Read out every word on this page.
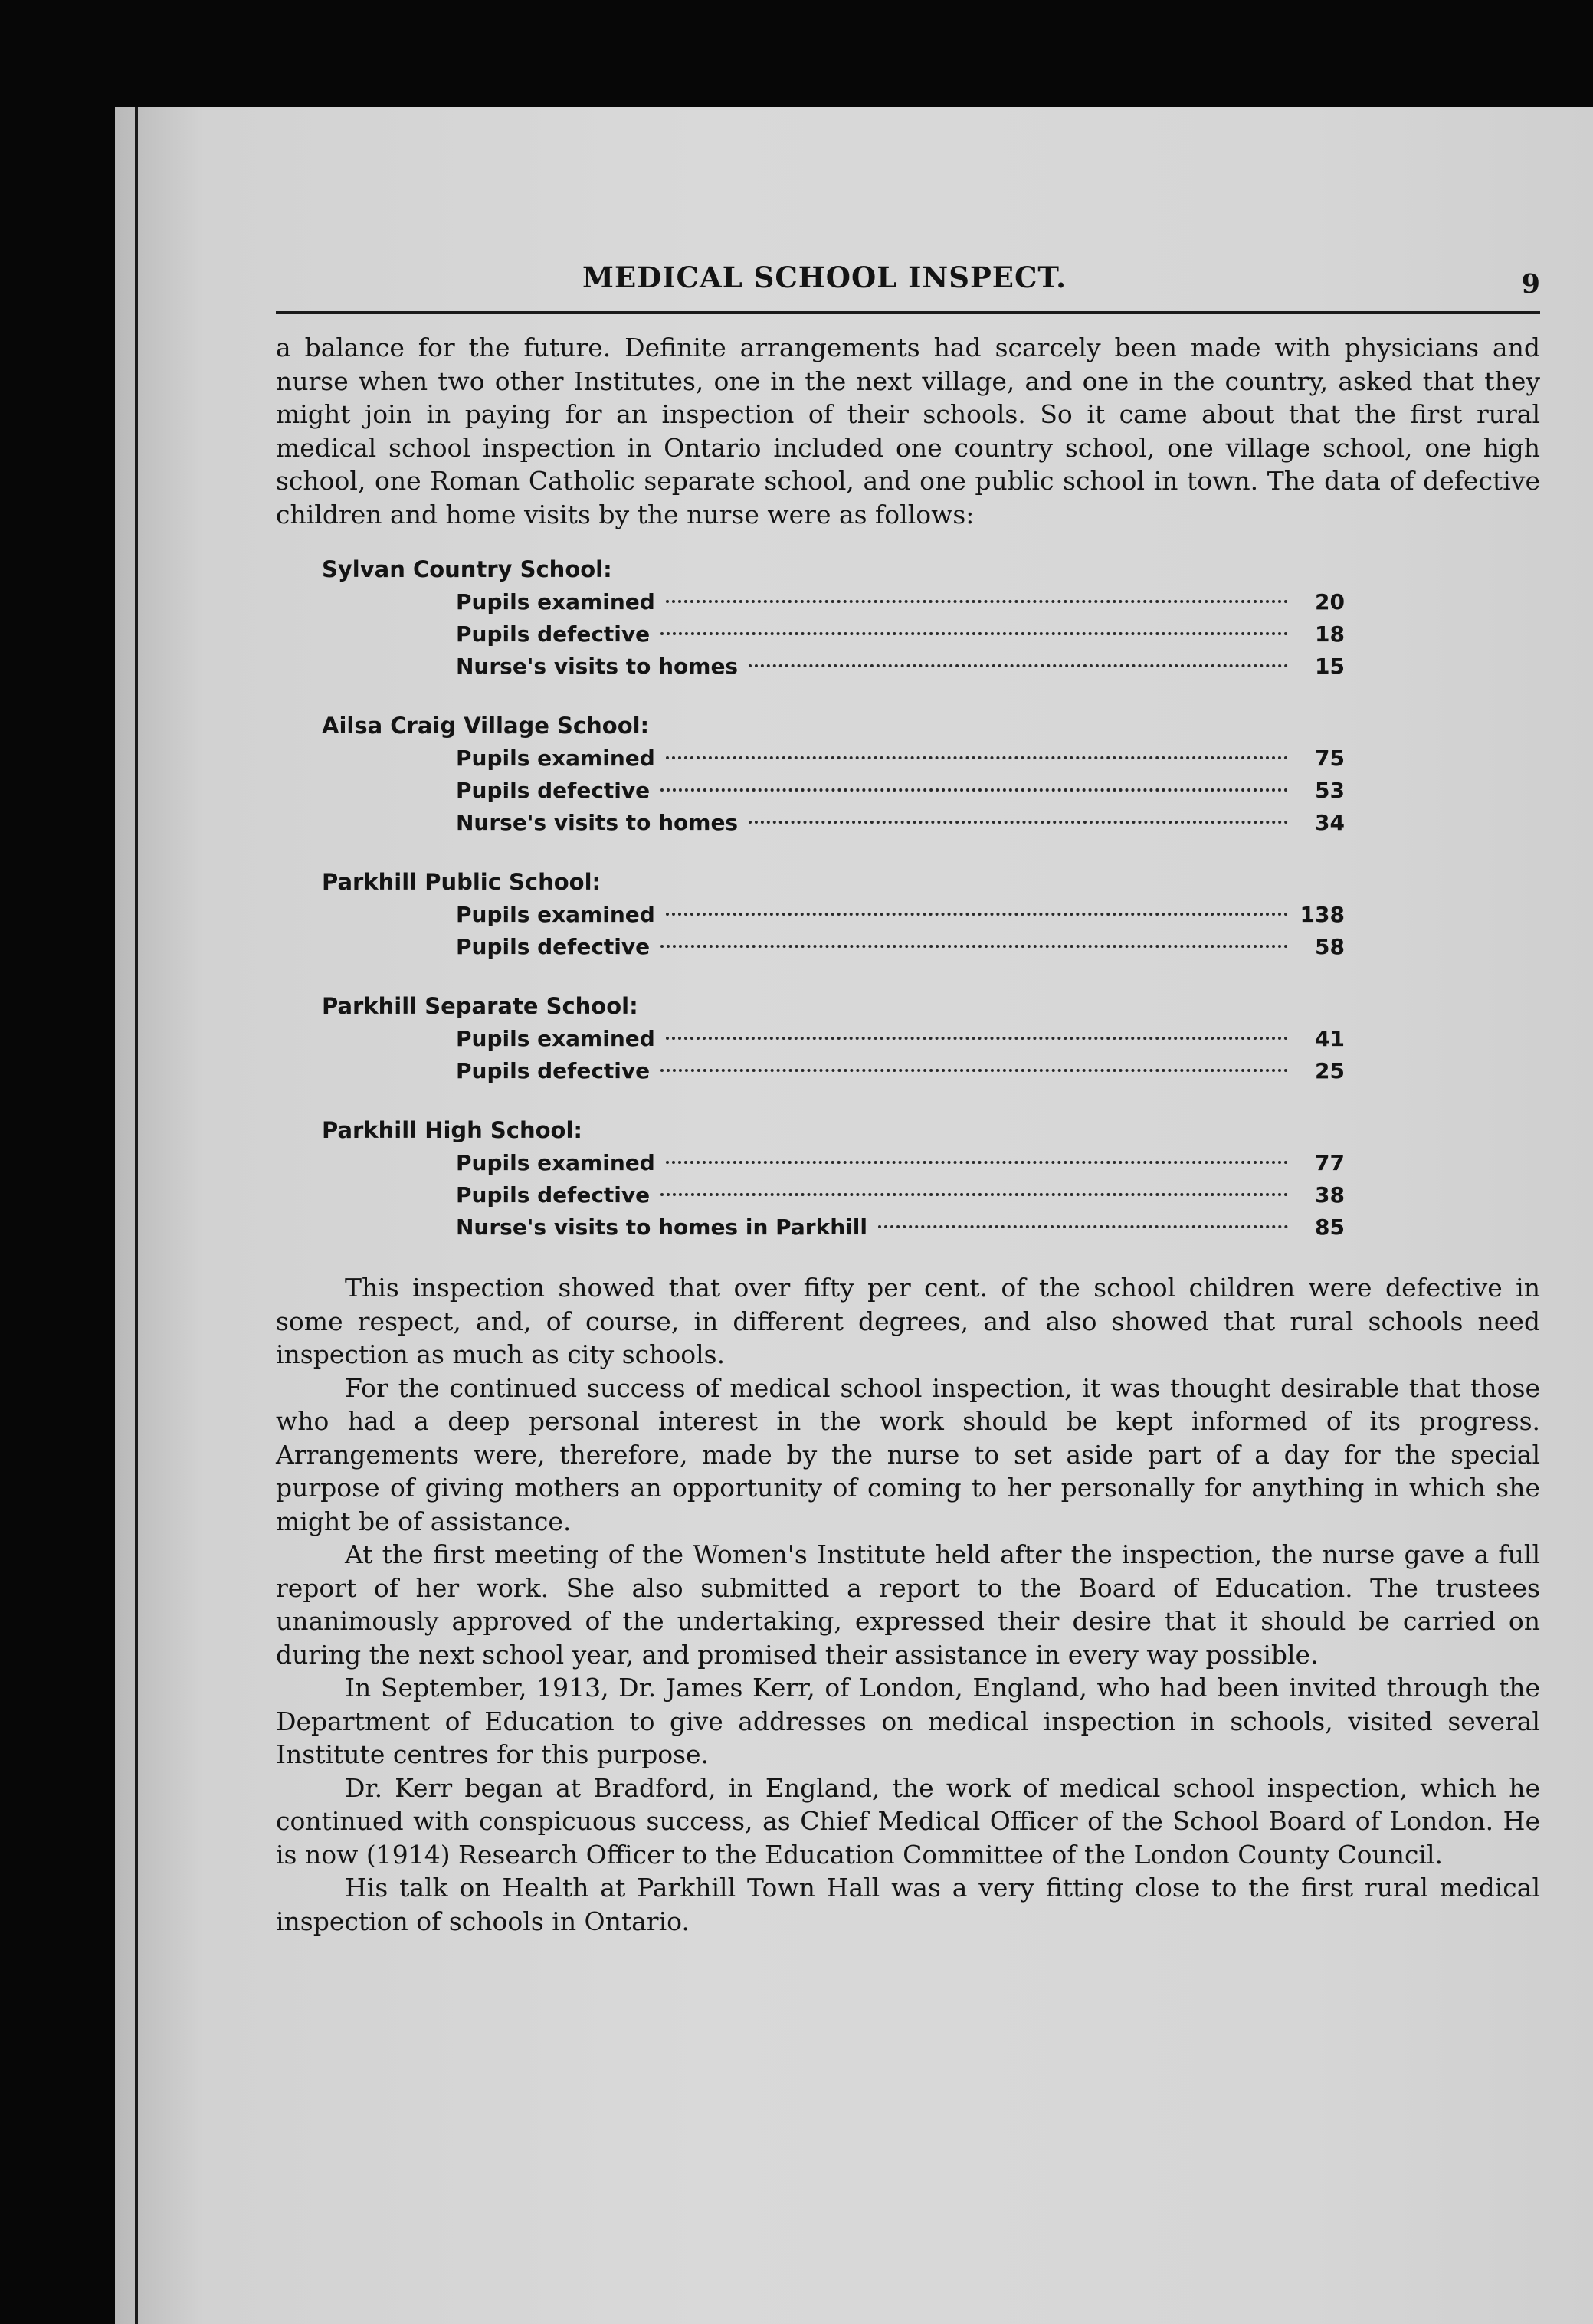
MEDICAL SCHOOL INSPECT.	9

a balance for the future. Definite arrangements had scarcely been made with physicians and nurse when two other Institutes, one in the next village, and one in the country, asked that they might join in paying for an inspection of their schools. So it came about that the first rural medical school inspection in Ontario included one country school, one village school, one high school, one Roman Catholic separate school, and one public school in town. The data of defective children and home visits by the nurse were as follows:

Sylvan Country School:
Pupils examined	20
Pupils defective	18
Nurse's visits to homes	15
Ailsa Craig Village School:
Pupils examined	75
Pupils defective	53
Nurse's visits to homes	34
Parkhill Public School:
Pupils examined	138
Pupils defective	58
Parkhill Separate School:
Pupils examined	41
Pupils defective	25
Parkhill High School:
Pupils examined	77
Pupils defective	38
Nurse's visits to homes in Parkhill	85

This inspection showed that over fifty per cent. of the school children were defective in some respect, and, of course, in different degrees, and also showed that rural schools need inspection as much as city schools.

For the continued success of medical school inspection, it was thought desirable that those who had a deep personal interest in the work should be kept informed of its progress. Arrangements were, therefore, made by the nurse to set aside part of a day for the special purpose of giving mothers an opportunity of coming to her personally for anything in which she might be of assistance.

At the first meeting of the Women's Institute held after the inspection, the nurse gave a full report of her work. She also submitted a report to the Board of Education. The trustees unanimously approved of the undertaking, expressed their desire that it should be carried on during the next school year, and promised their assistance in every way possible.

In September, 1913, Dr. James Kerr, of London, England, who had been invited through the Department of Education to give addresses on medical inspection in schools, visited several Institute centres for this purpose.

Dr. Kerr began at Bradford, in England, the work of medical school inspection, which he continued with conspicuous success, as Chief Medical Officer of the School Board of London. He is now (1914) Research Officer to the Education Committee of the London County Council.

His talk on Health at Parkhill Town Hall was a very fitting close to the first rural medical inspection of schools in Ontario.
